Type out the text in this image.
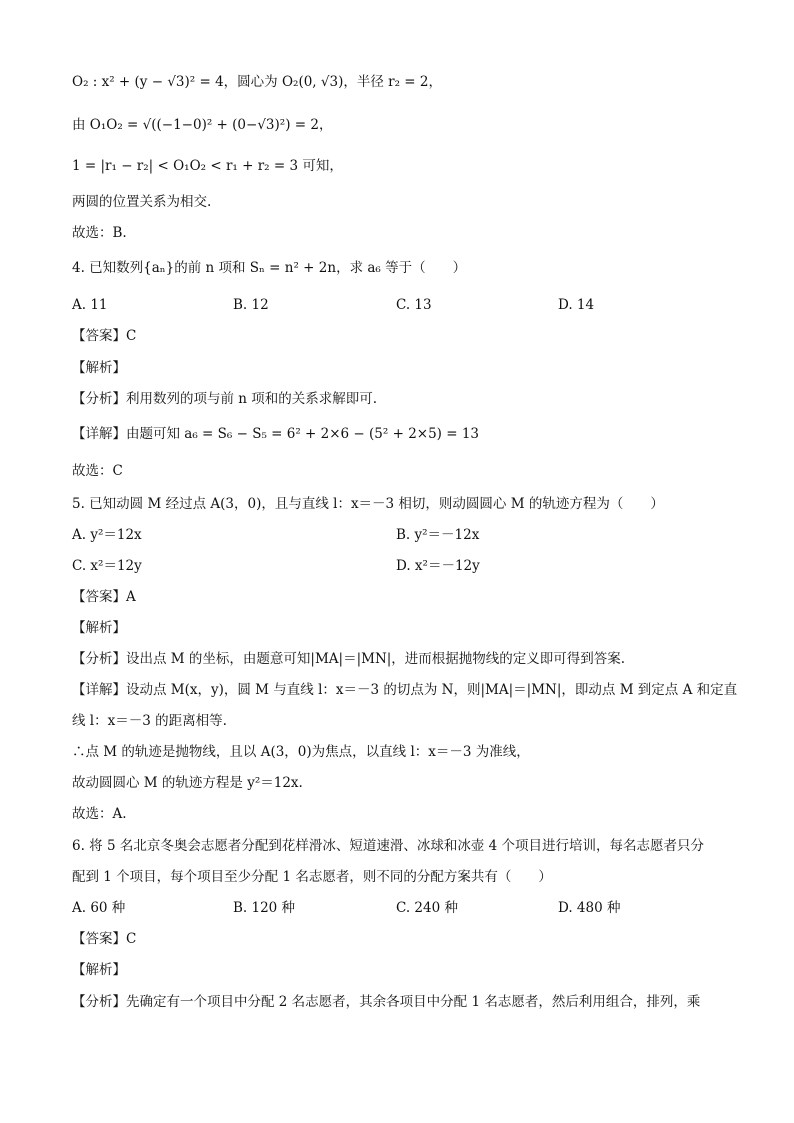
O₂ : x² + (y − √3)² = 4，圆心为 O₂(0, √3)，半径 r₂ = 2，
由 O₁O₂ = √((−1−0)² + (0−√3)²) = 2，
1 = |r₁ − r₂| < O₁O₂ < r₁ + r₂ = 3 可知，
两圆的位置关系为相交.
故选：B.
4. 已知数列{aₙ}的前 n 项和 Sₙ = n² + 2n，求 a₆ 等于（　　）
A. 11	B. 12	C. 13	D. 14
【答案】C
【解析】
【分析】利用数列的项与前 n 项和的关系求解即可.
【详解】由题可知 a₆ = S₆ − S₅ = 6² + 2×6 − (5² + 2×5) = 13
故选：C
5. 已知动圆 M 经过点 A(3，0)，且与直线 l：x＝－3 相切，则动圆圆心 M 的轨迹方程为（　　）
A. y²＝12x	B. y²＝－12x
C. x²＝12y	D. x²＝－12y
【答案】A
【解析】
【分析】设出点 M 的坐标，由题意可知|MA|＝|MN|，进而根据抛物线的定义即可得到答案.
【详解】设动点 M(x，y)，圆 M 与直线 l：x＝－3 的切点为 N，则|MA|＝|MN|，即动点 M 到定点 A 和定直
线 l：x＝－3 的距离相等.
∴点 M 的轨迹是抛物线，且以 A(3，0)为焦点，以直线 l：x＝－3 为准线，
故动圆圆心 M 的轨迹方程是 y²＝12x.
故选：A.
6. 将 5 名北京冬奥会志愿者分配到花样滑冰、短道速滑、冰球和冰壶 4 个项目进行培训，每名志愿者只分
配到 1 个项目，每个项目至少分配 1 名志愿者，则不同的分配方案共有（　　）
A. 60 种	B. 120 种	C. 240 种	D. 480 种
【答案】C
【解析】
【分析】先确定有一个项目中分配 2 名志愿者，其余各项目中分配 1 名志愿者，然后利用组合，排列，乘
